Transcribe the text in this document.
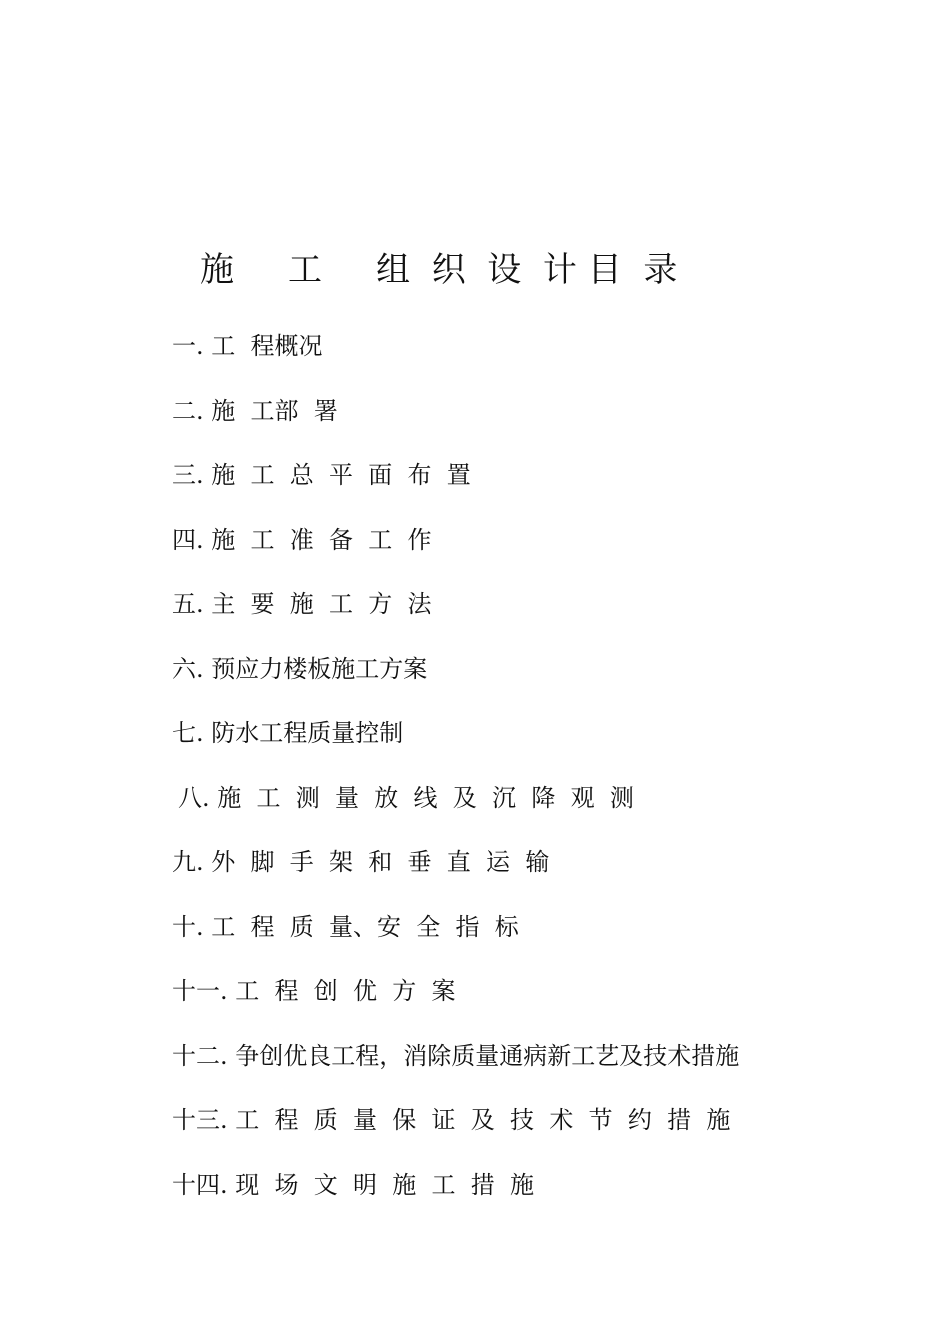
施     工     组  织  设  计 目  录
一. 工  程概况
二. 施  工部  署
三. 施  工  总  平  面  布  置
四. 施  工  准  备  工  作
五. 主  要  施  工  方  法
六. 预应力楼板施工方案
七. 防水工程质量控制
八. 施  工  测  量  放  线  及  沉  降  观  测
九. 外  脚  手  架  和  垂  直  运  输
十. 工  程  质  量、安  全  指  标
十一. 工  程  创  优  方  案
十二. 争创优良工程，消除质量通病新工艺及技术措施
十三. 工  程  质  量  保  证  及  技  术  节  约  措  施
十四. 现  场  文  明  施  工  措  施
